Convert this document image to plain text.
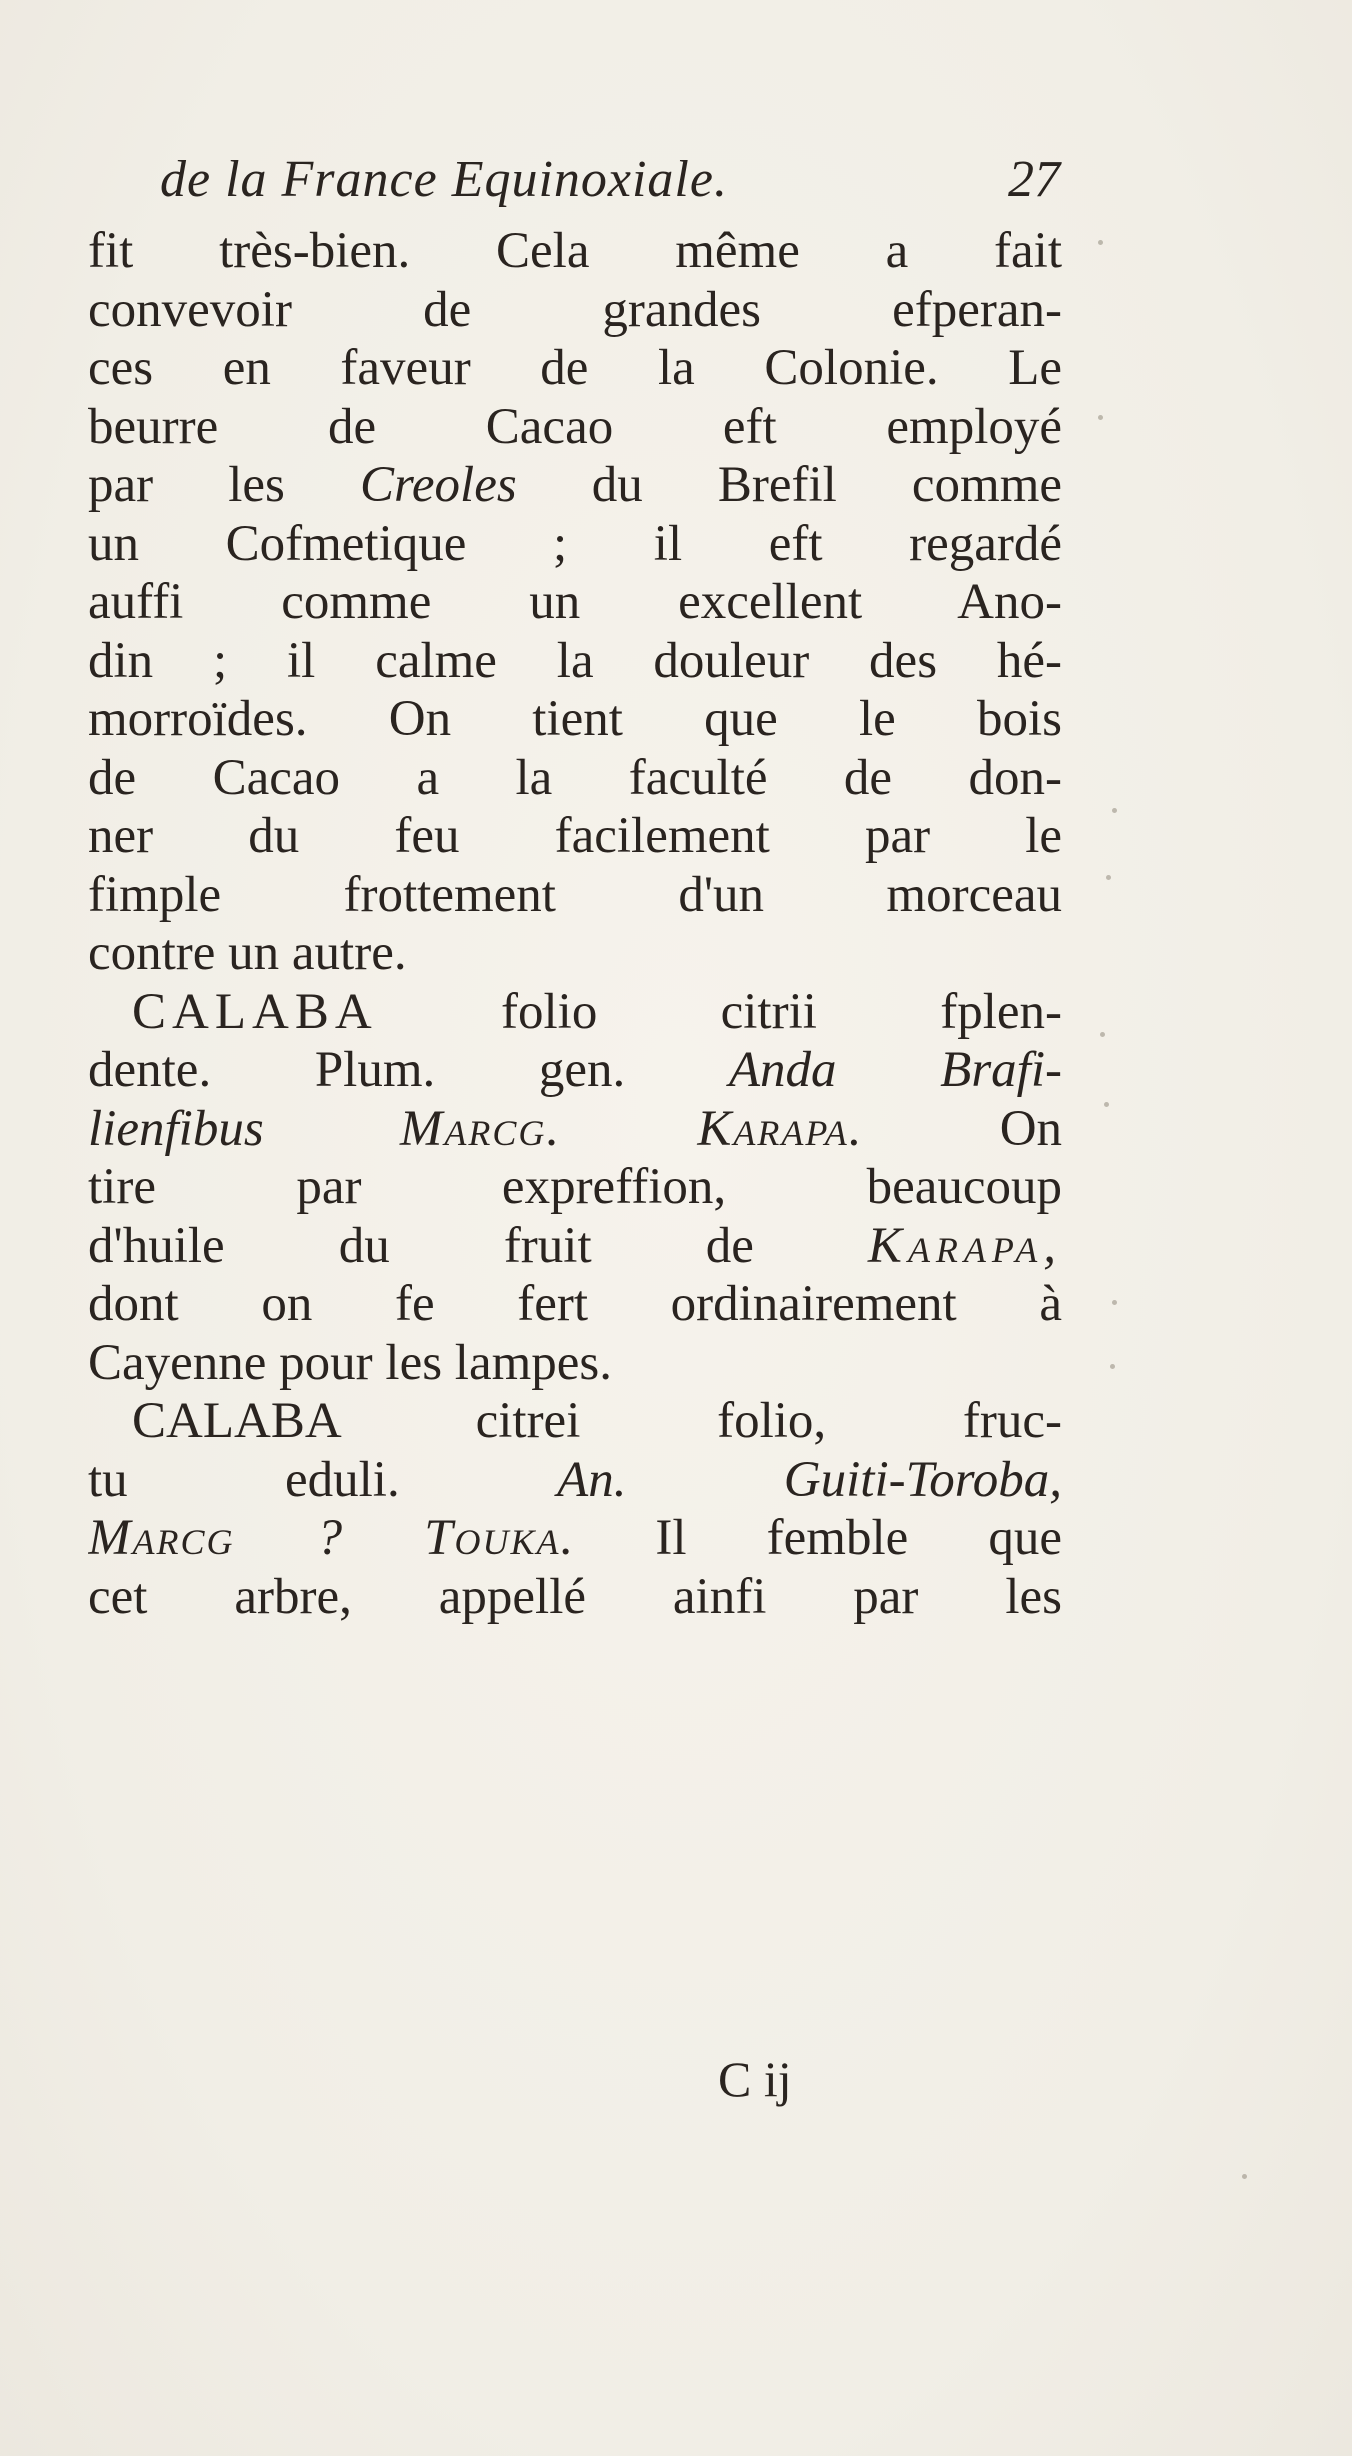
de la France Equinoxiale.	27
fit très-bien. Cela même a fait
convevoir de grandes efperan-
ces en faveur de la Colonie. Le
beurre de Cacao eft employé
par les Creoles du Brefil comme
un Cofmetique ; il eft regardé
auffi comme un excellent Ano-
din ; il calme la douleur des hé-
morroïdes. On tient que le bois
de Cacao a la faculté de don-
ner du feu facilement par le
fimple frottement d'un morceau
contre un autre.
CALABA folio citrii fplen-
dente. Plum. gen. Anda Brafi-
lienfibus	Marcg.	Karapa.	On
tire par expreffion, beaucoup
d'huile du fruit de Karapa,
dont on fe fert ordinairement à
Cayenne pour les lampes.
CALABA citrei folio, fruc-
tu eduli.	An.	Guiti-Toroba,
Marcg ? Touka. Il femble que
cet arbre, appellé ainfi par les
C ij
